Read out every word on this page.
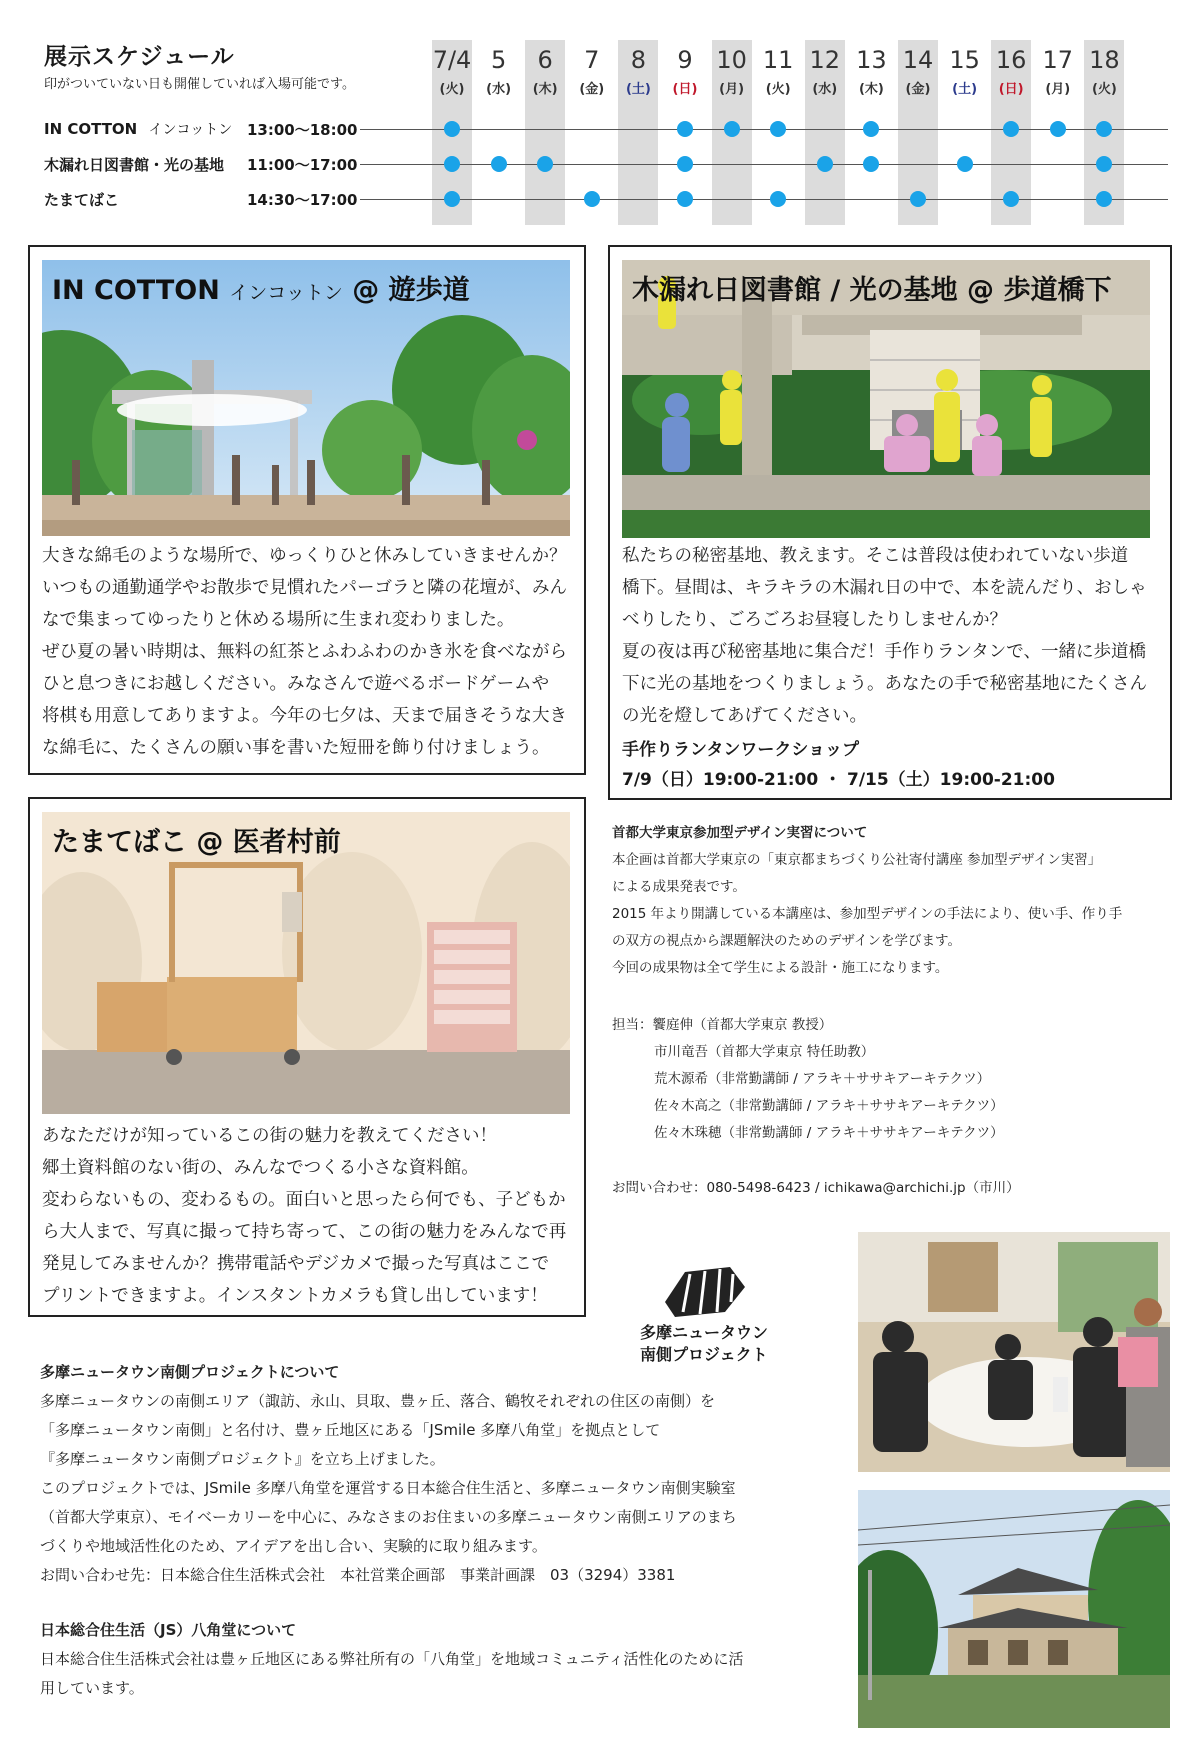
展示スケジュール
印がついていない日も開催していれば入場可能です。
7/4
(火)
5
(水)
6
(木)
7
(金)
8
(土)
9
(日)
10
(月)
11
(火)
12
(水)
13
(木)
14
(金)
15
(土)
16
(日)
17
(月)
18
(火)
IN COTTON インコットン 13:00〜18:00
木漏れ日図書館・光の基地 11:00〜17:00
たまてばこ	14:30〜17:00
IN COTTON インコットン @ 遊歩道

大きな綿毛のような場所で、ゆっくりひと休みしていきませんか？

いつもの通勤通学やお散歩で見慣れたパーゴラと隣の花壇が、みん

なで集まってゆったりと休める場所に生まれ変わりました。

ぜひ夏の暑い時期は、無料の紅茶とふわふわのかき氷を食べながら

ひと息つきにお越しください。みなさんで遊べるボードゲームや

将棋も用意してありますよ。今年の七夕は、天まで届きそうな大き

な綿毛に、たくさんの願い事を書いた短冊を飾り付けましょう。

木漏れ日図書館 / 光の基地 @ 歩道橋下

私たちの秘密基地、教えます。そこは普段は使われていない歩道

橋下。昼間は、キラキラの木漏れ日の中で、本を読んだり、おしゃ

べりしたり、ごろごろお昼寝したりしませんか？

夏の夜は再び秘密基地に集合だ！手作りランタンで、一緒に歩道橋

下に光の基地をつくりましょう。あなたの手で秘密基地にたくさん

の光を燈してあげてください。

手作りランタンワークショップ
7/9（日）19:00-21:00 ・ 7/15（土）19:00-21:00
たまてばこ @ 医者村前

あなただけが知っているこの街の魅力を教えてください！

郷土資料館のない街の、みんなでつくる小さな資料館。

変わらないもの、変わるもの。面白いと思ったら何でも、子どもか

ら大人まで、写真に撮って持ち寄って、この街の魅力をみんなで再

発見してみませんか？携帯電話やデジカメで撮った写真はここで

プリントできますよ。インスタントカメラも貸し出しています！

首都大学東京参加型デザイン実習について

本企画は首都大学東京の「東京都まちづくり公社寄付講座 参加型デザイン実習」

による成果発表です。

2015 年より開講している本講座は、参加型デザインの手法により、使い手、作り手

の双方の視点から課題解決のためのデザインを学びます。

今回の成果物は全て学生による設計・施工になります。

担当：饗庭伸（首都大学東京 教授）

市川竜吾（首都大学東京 特任助教）

荒木源希（非常勤講師 / アラキ＋ササキアーキテクツ）

佐々木高之（非常勤講師 / アラキ＋ササキアーキテクツ）

佐々木珠穂（非常勤講師 / アラキ＋ササキアーキテクツ）

お問い合わせ：080-5498-6423 / ichikawa@archichi.jp（市川）
多摩ニュータウン
南側プロジェクト

多摩ニュータウン南側プロジェクトについて

多摩ニュータウンの南側エリア（諏訪、永山、貝取、豊ヶ丘、落合、鶴牧それぞれの住区の南側）を

「多摩ニュータウン南側」と名付け、豊ヶ丘地区にある「JSmile 多摩八角堂」を拠点として

『多摩ニュータウン南側プロジェクト』を立ち上げました。

このプロジェクトでは、JSmile 多摩八角堂を運営する日本総合住生活と、多摩ニュータウン南側実験室

（首都大学東京）、モイベーカリーを中心に、みなさまのお住まいの多摩ニュータウン南側エリアのまち

づくりや地域活性化のため、アイデアを出し合い、実験的に取り組みます。

お問い合わせ先：日本総合住生活株式会社　本社営業企画部　事業計画課　03（3294）3381

日本総合住生活（JS）八角堂について

日本総合住生活株式会社は豊ヶ丘地区にある弊社所有の「八角堂」を地域コミュニティ活性化のために活

用しています。
